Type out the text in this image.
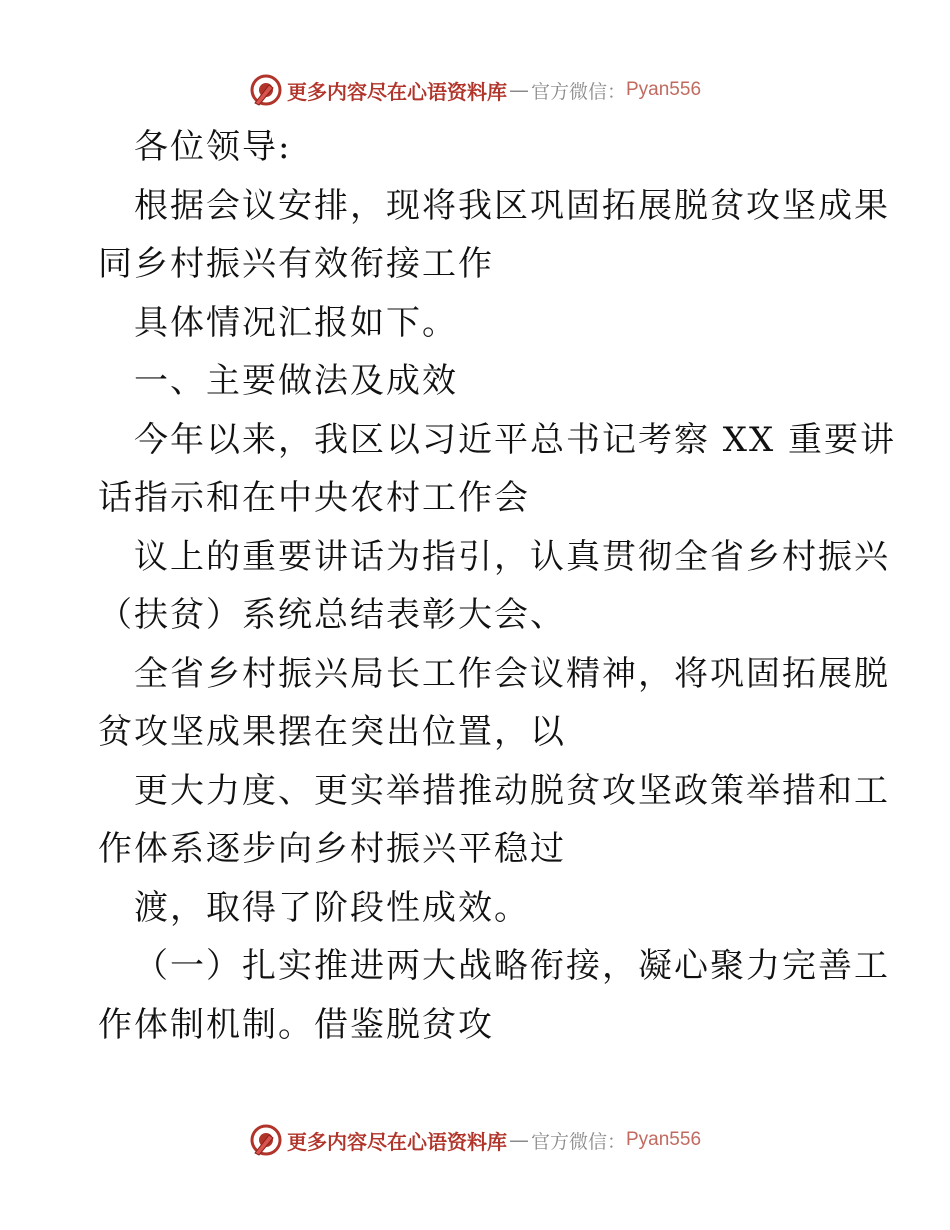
更多内容尽在心语资料库 — 官方微信： Pyan556
各位领导:
根据会议安排，现将我区巩固拓展脱贫攻坚成果
同乡村振兴有效衔接工作
具体情况汇报如下。
一、主要做法及成效
今年以来，我区以习近平总书记考察 XX 重要讲
话指示和在中央农村工作会
议上的重要讲话为指引，认真贯彻全省乡村振兴
（扶贫）系统总结表彰大会、
全省乡村振兴局长工作会议精神，将巩固拓展脱
贫攻坚成果摆在突出位置，以
更大力度、更实举措推动脱贫攻坚政策举措和工
作体系逐步向乡村振兴平稳过
渡，取得了阶段性成效。
（一）扎实推进两大战略衔接，凝心聚力完善工
作体制机制。借鉴脱贫攻
更多内容尽在心语资料库 — 官方微信： Pyan556
